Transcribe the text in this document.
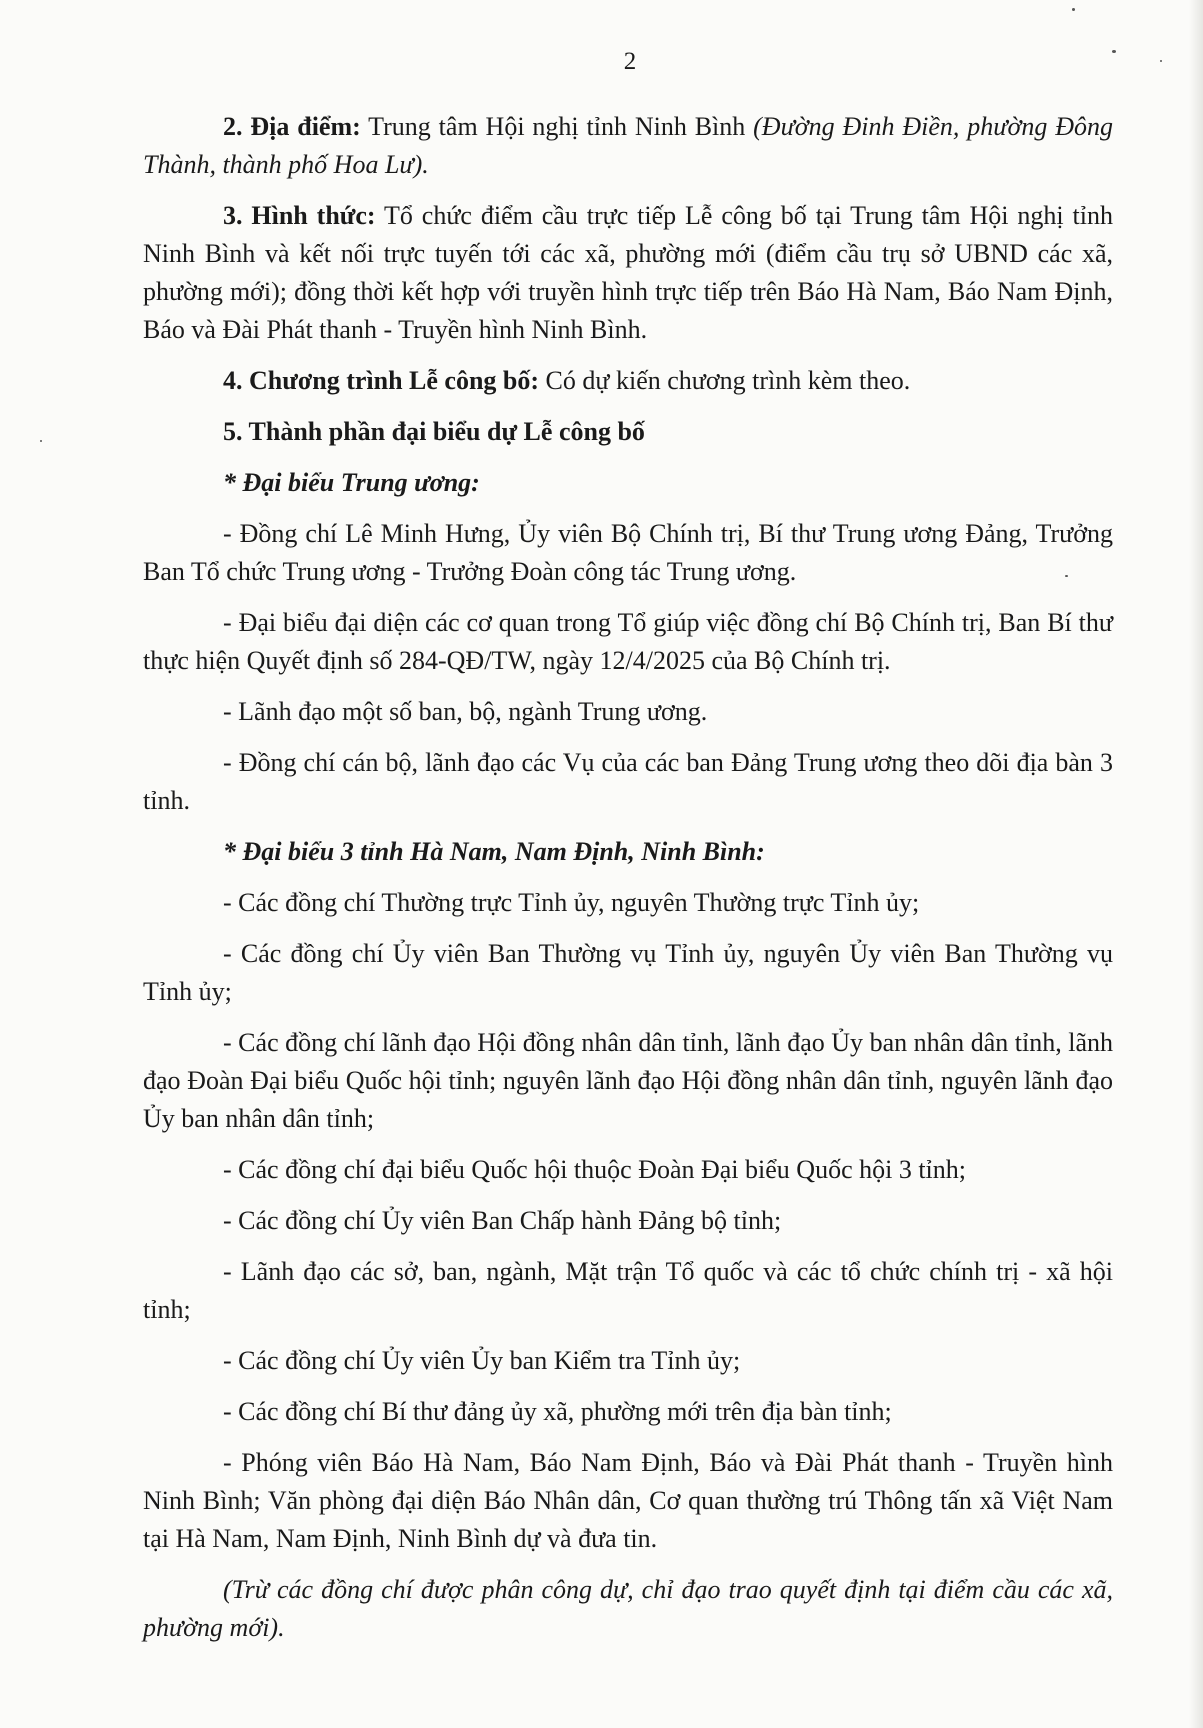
2

2. Địa điểm: Trung tâm Hội nghị tỉnh Ninh Bình (Đường Đinh Điền, phường Đông Thành, thành phố Hoa Lư).

3. Hình thức: Tổ chức điểm cầu trực tiếp Lễ công bố tại Trung tâm Hội nghị tỉnh Ninh Bình và kết nối trực tuyến tới các xã, phường mới (điểm cầu trụ sở UBND các xã, phường mới); đồng thời kết hợp với truyền hình trực tiếp trên Báo Hà Nam, Báo Nam Định, Báo và Đài Phát thanh - Truyền hình Ninh Bình.

4. Chương trình Lễ công bố: Có dự kiến chương trình kèm theo.

5. Thành phần đại biểu dự Lễ công bố

* Đại biểu Trung ương:

- Đồng chí Lê Minh Hưng, Ủy viên Bộ Chính trị, Bí thư Trung ương Đảng, Trưởng Ban Tổ chức Trung ương - Trưởng Đoàn công tác Trung ương.

- Đại biểu đại diện các cơ quan trong Tổ giúp việc đồng chí Bộ Chính trị, Ban Bí thư thực hiện Quyết định số 284-QĐ/TW, ngày 12/4/2025 của Bộ Chính trị.

- Lãnh đạo một số ban, bộ, ngành Trung ương.

- Đồng chí cán bộ, lãnh đạo các Vụ của các ban Đảng Trung ương theo dõi địa bàn 3 tỉnh.

* Đại biểu 3 tỉnh Hà Nam, Nam Định, Ninh Bình:

- Các đồng chí Thường trực Tỉnh ủy, nguyên Thường trực Tỉnh ủy;

- Các đồng chí Ủy viên Ban Thường vụ Tỉnh ủy, nguyên Ủy viên Ban Thường vụ Tỉnh ủy;

- Các đồng chí lãnh đạo Hội đồng nhân dân tỉnh, lãnh đạo Ủy ban nhân dân tỉnh, lãnh đạo Đoàn Đại biểu Quốc hội tỉnh; nguyên lãnh đạo Hội đồng nhân dân tỉnh, nguyên lãnh đạo Ủy ban nhân dân tỉnh;

- Các đồng chí đại biểu Quốc hội thuộc Đoàn Đại biểu Quốc hội 3 tỉnh;

- Các đồng chí Ủy viên Ban Chấp hành Đảng bộ tỉnh;

- Lãnh đạo các sở, ban, ngành, Mặt trận Tổ quốc và các tổ chức chính trị - xã hội tỉnh;

- Các đồng chí Ủy viên Ủy ban Kiểm tra Tỉnh ủy;

- Các đồng chí Bí thư đảng ủy xã, phường mới trên địa bàn tỉnh;

- Phóng viên Báo Hà Nam, Báo Nam Định, Báo và Đài Phát thanh - Truyền hình Ninh Bình; Văn phòng đại diện Báo Nhân dân, Cơ quan thường trú Thông tấn xã Việt Nam tại Hà Nam, Nam Định, Ninh Bình dự và đưa tin.

(Trừ các đồng chí được phân công dự, chỉ đạo trao quyết định tại điểm cầu các xã, phường mới).
